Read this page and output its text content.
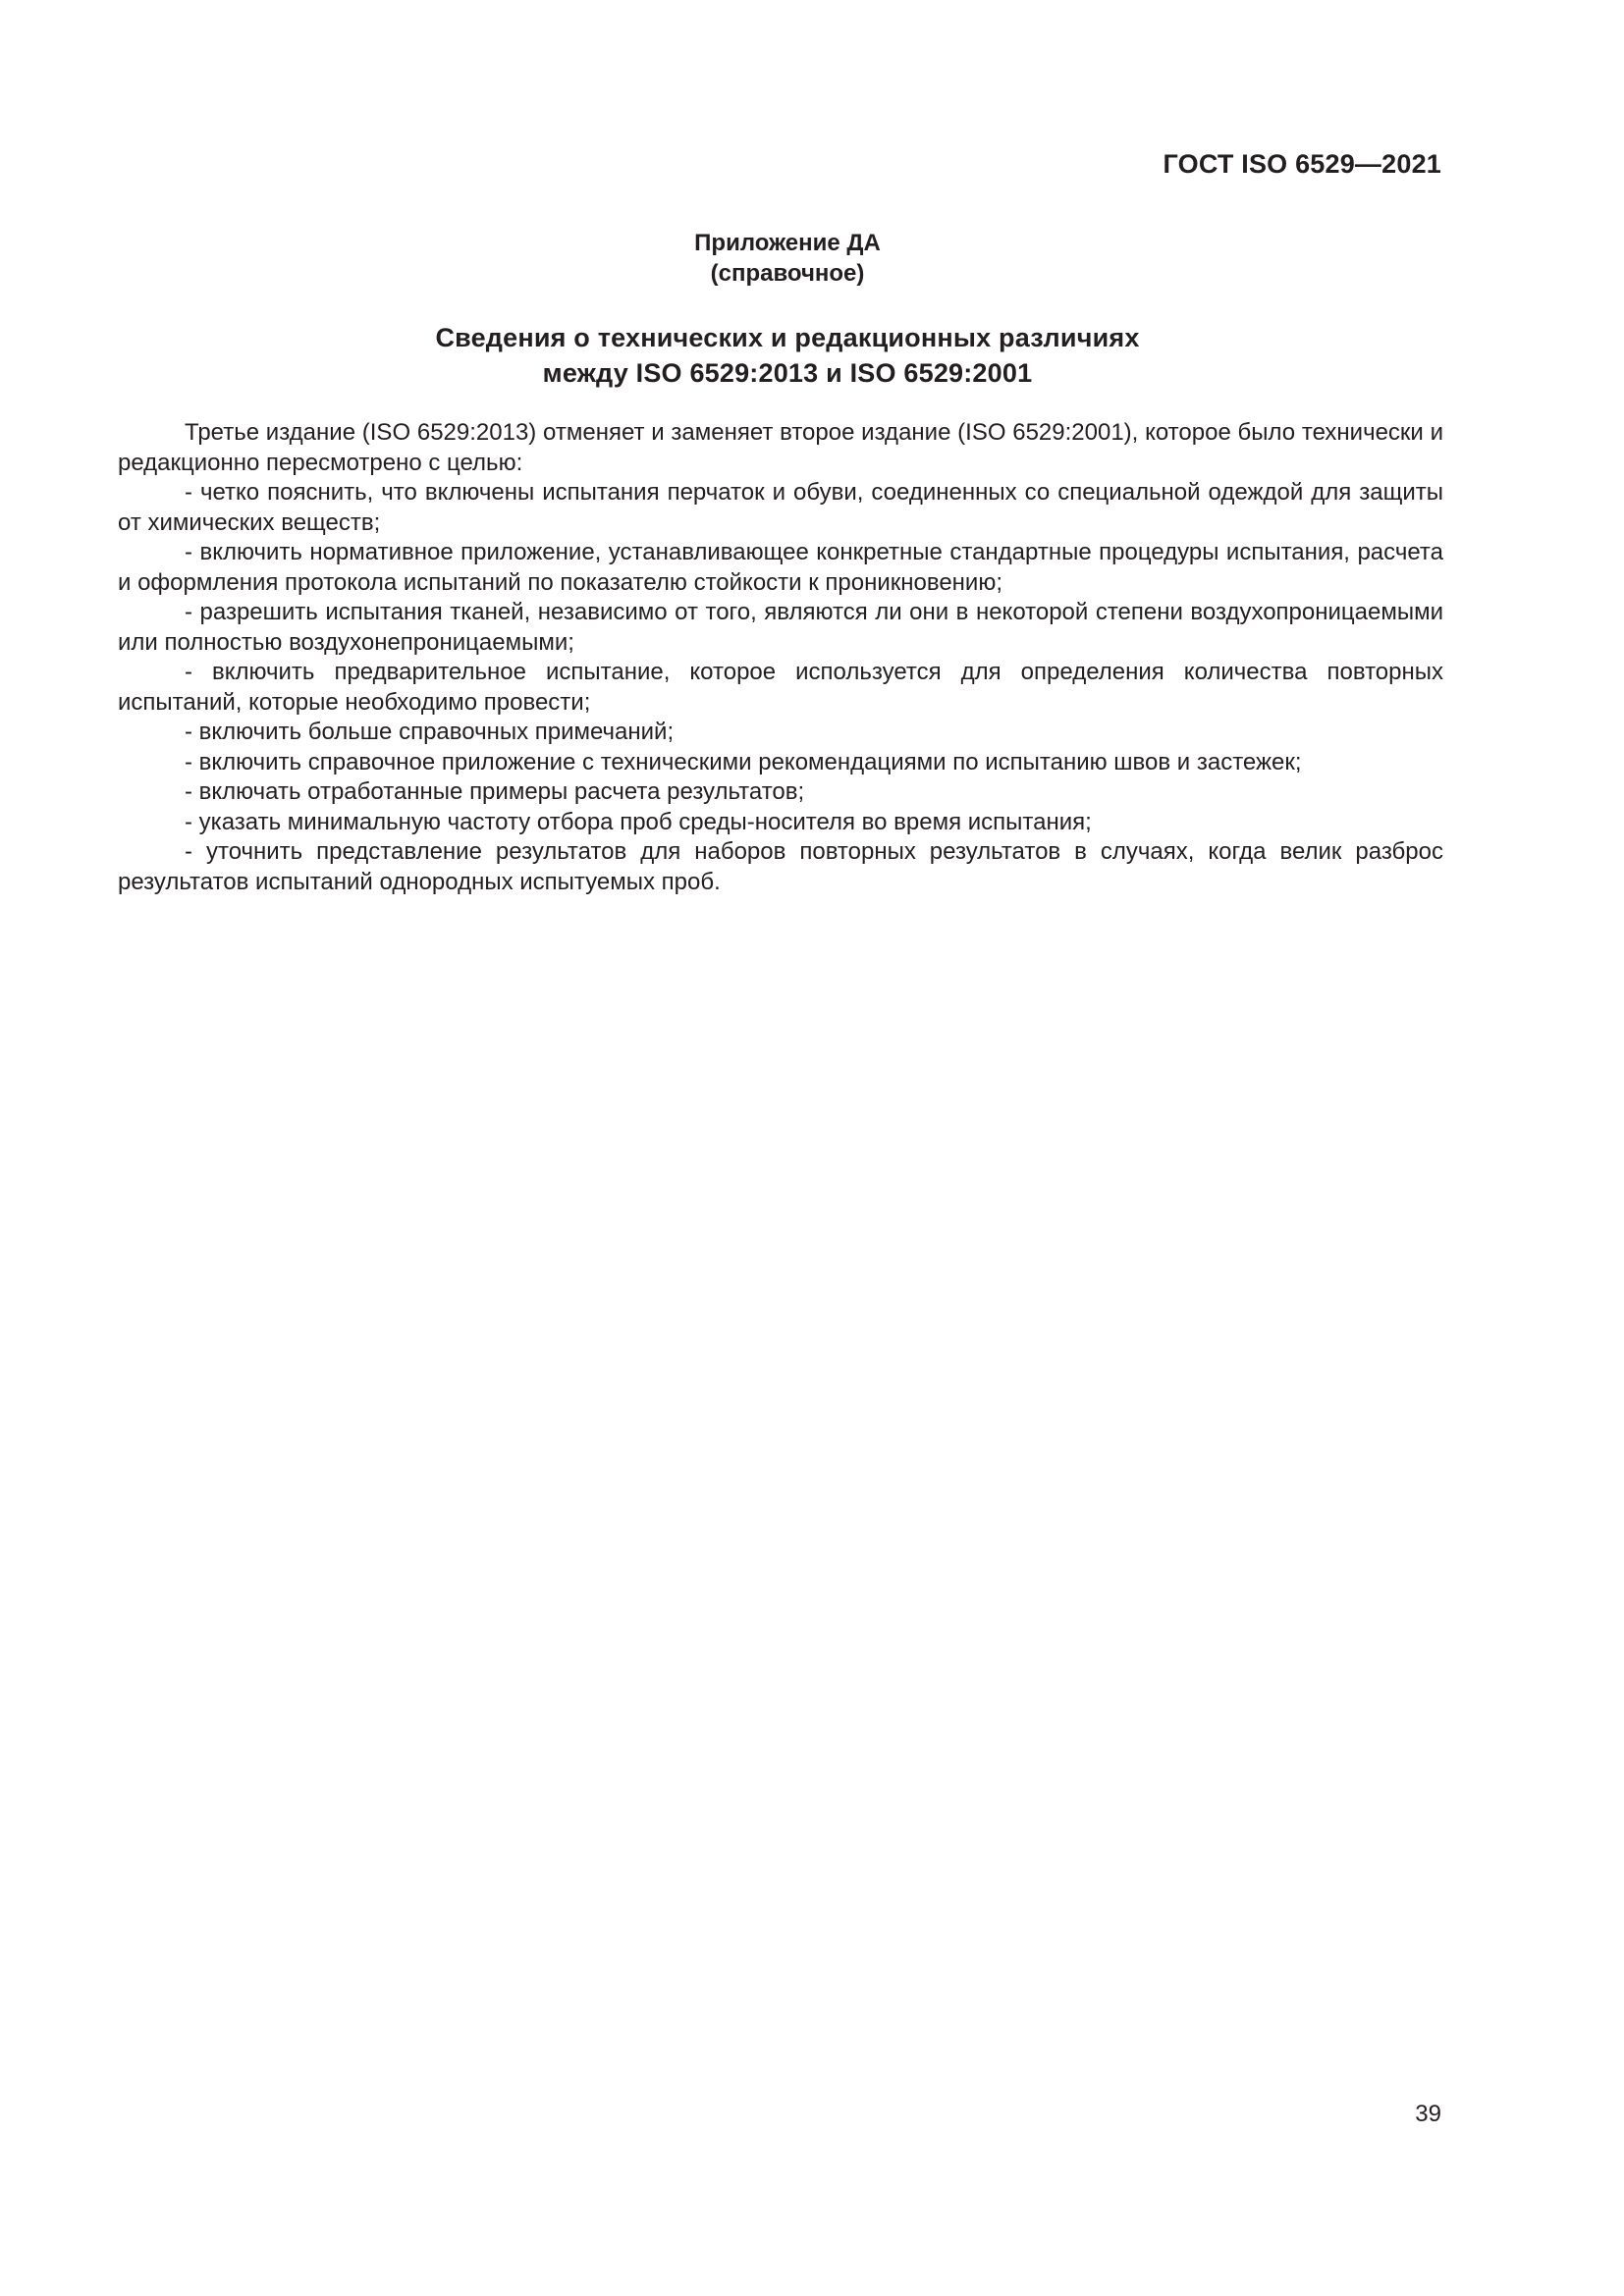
ГОСТ ISO 6529—2021
Приложение ДА
(справочное)
Сведения о технических и редакционных различиях
между ISO 6529:2013 и ISO 6529:2001

Третье издание (ISO 6529:2013) отменяет и заменяет второе издание (ISO 6529:2001), которое было технически и редакционно пересмотрено с целью:

- четко пояснить, что включены испытания перчаток и обуви, соединенных со специальной одеждой для защиты от химических веществ;

- включить нормативное приложение, устанавливающее конкретные стандартные процедуры испытания, расчета и оформления протокола испытаний по показателю стойкости к проникновению;

- разрешить испытания тканей, независимо от того, являются ли они в некоторой степени воздухопроницаемыми или полностью воздухонепроницаемыми;

- включить предварительное испытание, которое используется для определения количества повторных испытаний, которые необходимо провести;

- включить больше справочных примечаний;

- включить справочное приложение с техническими рекомендациями по испытанию швов и застежек;

- включать отработанные примеры расчета результатов;

- указать минимальную частоту отбора проб среды-носителя во время испытания;

- уточнить представление результатов для наборов повторных результатов в случаях, когда велик разброс результатов испытаний однородных испытуемых проб.

39
